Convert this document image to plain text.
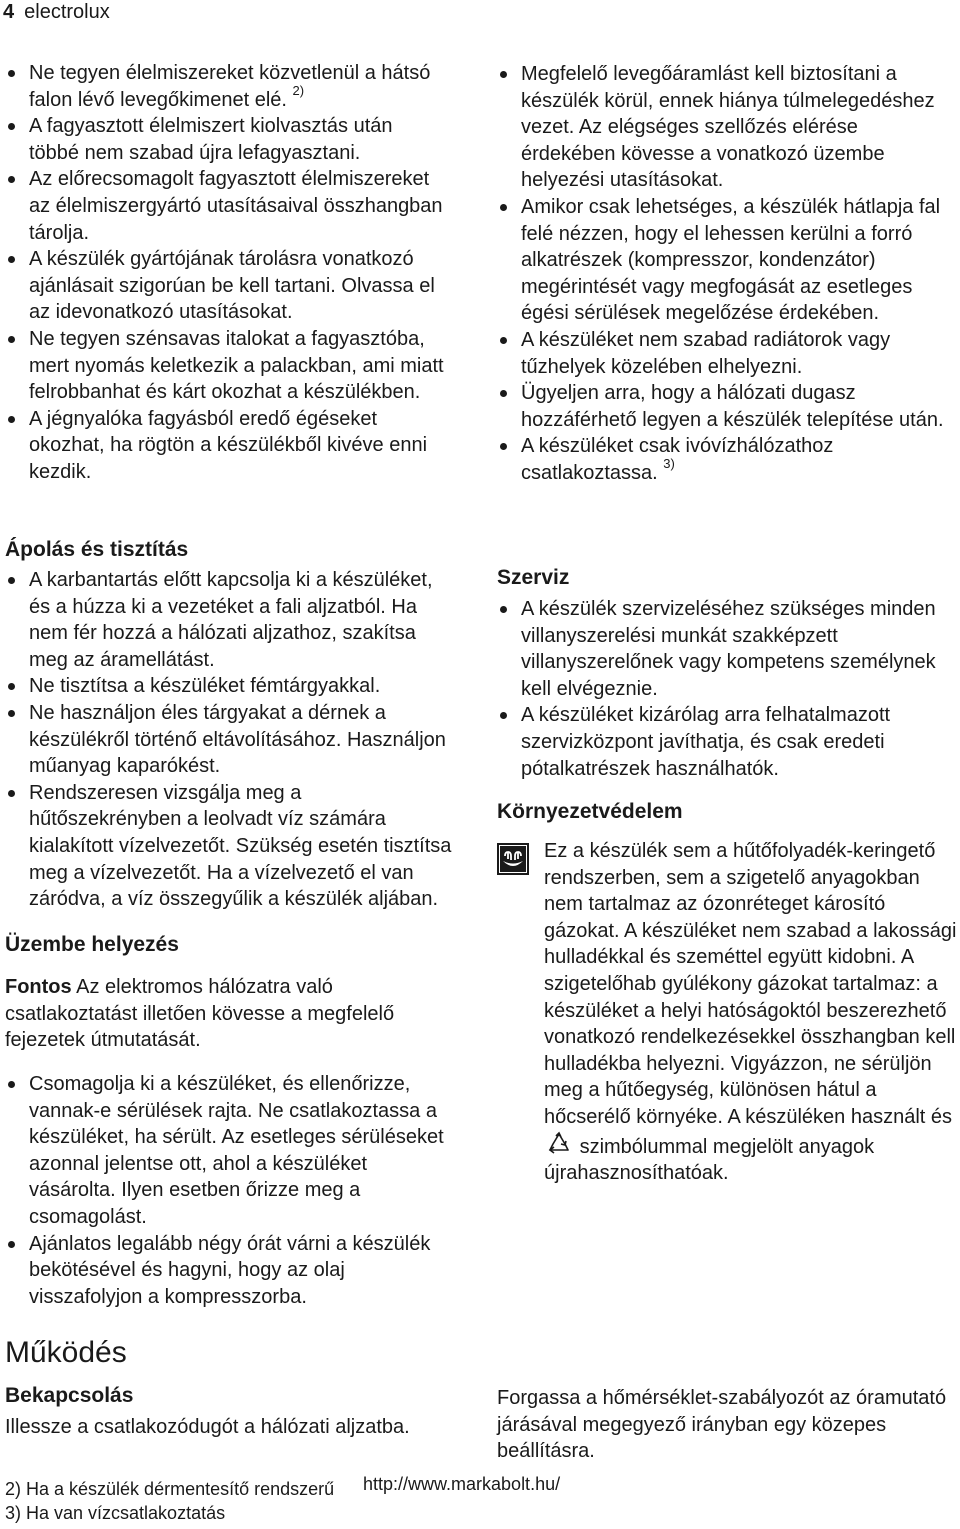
4 electrolux
Ne tegyen élelmiszereket közvetlenül a hátsó falon lévő levegőkimenet elé. $^{2)}$
A fagyasztott élelmiszert kiolvasztás után többé nem szabad újra lefagyasztani.
Az előrecsomagolt fagyasztott élelmiszereket az élelmiszergyártó utasításaival összhangban tárolja.
A készülék gyártójának tárolásra vonatkozó ajánlásait szigorúan be kell tartani. Olvassa el az idevonatkozó utasításokat.
Ne tegyen szénsavas italokat a fagyasztóba, mert nyomás keletkezik a palackban, ami miatt felrobbanhat és kárt okozhat a készülékben.
A jégnyalóka fagyásból eredő égéseket okozhat, ha rögtön a készülékből kivéve enni kezdik.
Ápolás és tisztítás
A karbantartás előtt kapcsolja ki a készüléket, és a húzza ki a vezetéket a fali aljzatból. Ha nem fér hozzá a hálózati aljzathoz, szakítsa meg az áramellátást.
Ne tisztítsa a készüléket fémtárgyakkal.
Ne használjon éles tárgyakat a dérnek a készülékről történő eltávolításához. Használjon műanyag kaparókést.
Rendszeresen vizsgálja meg a hűtőszekrényben a leolvadt víz számára kialakított vízelvezetőt. Szükség esetén tisztítsa meg a vízelvezetőt. Ha a vízelvezető el van záródva, a víz összegyűlik a készülék aljában.
Üzembe helyezés
Fontos Az elektromos hálózatra való csatlakoztatást illetően kövesse a megfelelő fejezetek útmutatását.
Csomagolja ki a készüléket, és ellenőrizze, vannak-e sérülések rajta. Ne csatlakoztassa a készüléket, ha sérült. Az esetleges sérüléseket azonnal jelentse ott, ahol a készüléket vásárolta. Ilyen esetben őrizze meg a csomagolást.
Ajánlatos legalább négy órát várni a készülék bekötésével és hagyni, hogy az olaj visszafolyjon a kompresszorba.
Működés
Bekapcsolás
Illessze a csatlakozódugót a hálózati aljzatba.
Megfelelő levegőáramlást kell biztosítani a készülék körül, ennek hiánya túlmelegedéshez vezet. Az elégséges szellőzés elérése érdekében kövesse a vonatkozó üzembe helyezési utasításokat.
Amikor csak lehetséges, a készülék hátlapja fal felé nézzen, hogy el lehessen kerülni a forró alkatrészek (kompresszor, kondenzátor) megérintését vagy megfogását az esetleges égési sérülések megelőzése érdekében.
A készüléket nem szabad radiátorok vagy tűzhelyek közelében elhelyezni.
Ügyeljen arra, hogy a hálózati dugasz hozzáférhető legyen a készülék telepítése után.
A készüléket csak ivóvízhálózathoz csatlakoztassa. $^{3)}$
Szerviz
A készülék szervizeléséhez szükséges minden villanyszerelési munkát szakképzett villanyszerelőnek vagy kompetens személynek kell elvégeznie.
A készüléket kizárólag arra felhatalmazott szervizközpont javíthatja, és csak eredeti pótalkatrészek használhatók.
Környezetvédelem
Forgassa a hőmérséklet-szabályozót az óramutató járásával megegyező irányban egy közepes beállításra.
Ez a készülék sem a hűtőfolyadék-keringető rendszerben, sem a szigetelő anyagokban nem tartalmaz az ózonréteget károsító gázokat. A készüléket nem szabad a lakossági hulladékkal és szeméttel együtt kidobni. A szigetelőhab gyúlékony gázokat tartalmaz: a készüléket a helyi hatóságoktól beszerezhető vonatkozó rendelkezésekkel összhangban kell hulladékba helyezni. Vigyázzon, ne sérüljön meg a hűtőegység, különösen hátul a hőcserélő környéke. A készüléken használt és  szimbólummal megjelölt anyagok újrahasznosíthatóak.
2) Ha a készülék dérmentesítő rendszerű
3) Ha van vízcsatlakoztatás
http://www.markabolt.hu/
